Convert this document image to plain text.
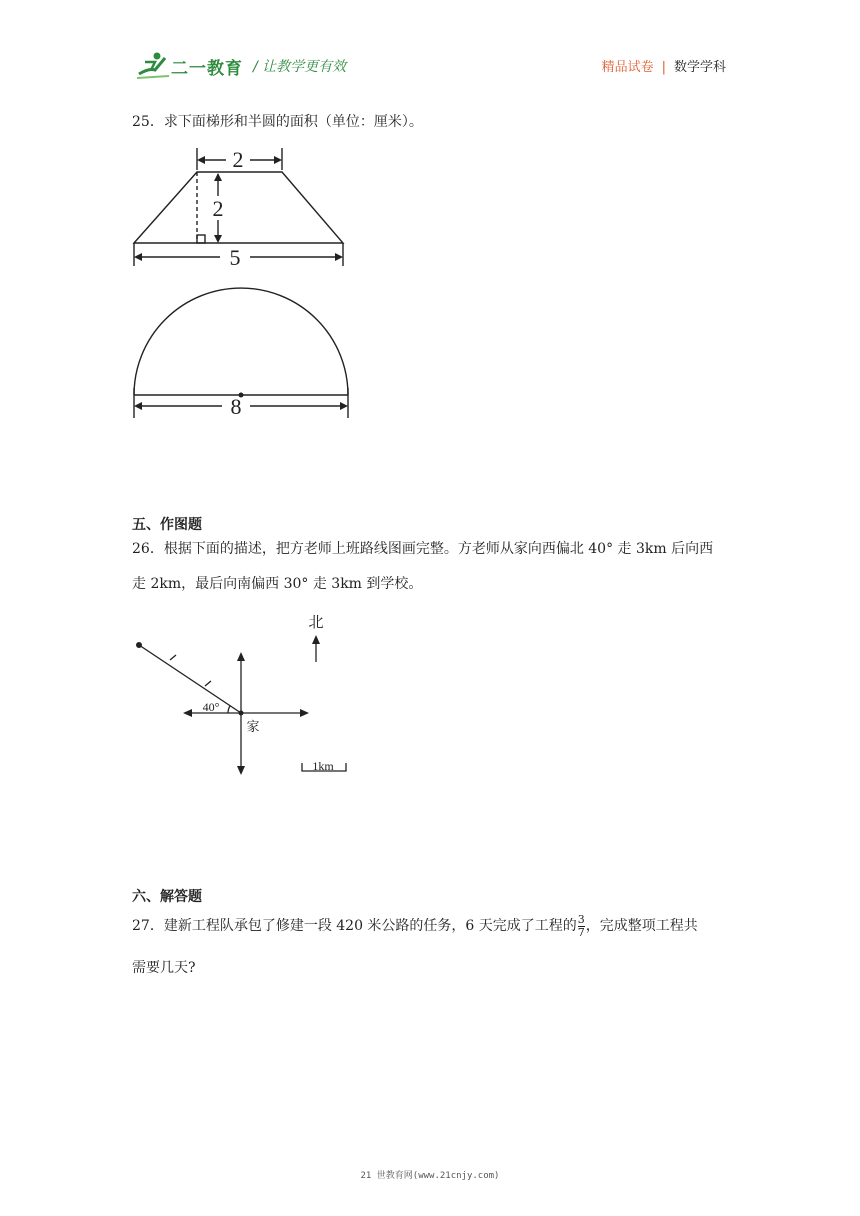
二一教育 / 让教学更有效	精品试卷 | 数学学科
25．求下面梯形和半圆的面积（单位：厘米）。
2
2
5
8
五、作图题
26．根据下面的描述，把方老师上班路线图画完整。方老师从家向西偏北 40° 走 3km 后向西
走 2km，最后向南偏西 30° 走 3km 到学校。
北
40°
家
1km
六、解答题
27．建新工程队承包了修建一段 420 米公路的任务，6 天完成了工程的 $\frac{3}{7}$ ，完成整项工程共
需要几天?
21 世教育网(www.21cnjy.com)
